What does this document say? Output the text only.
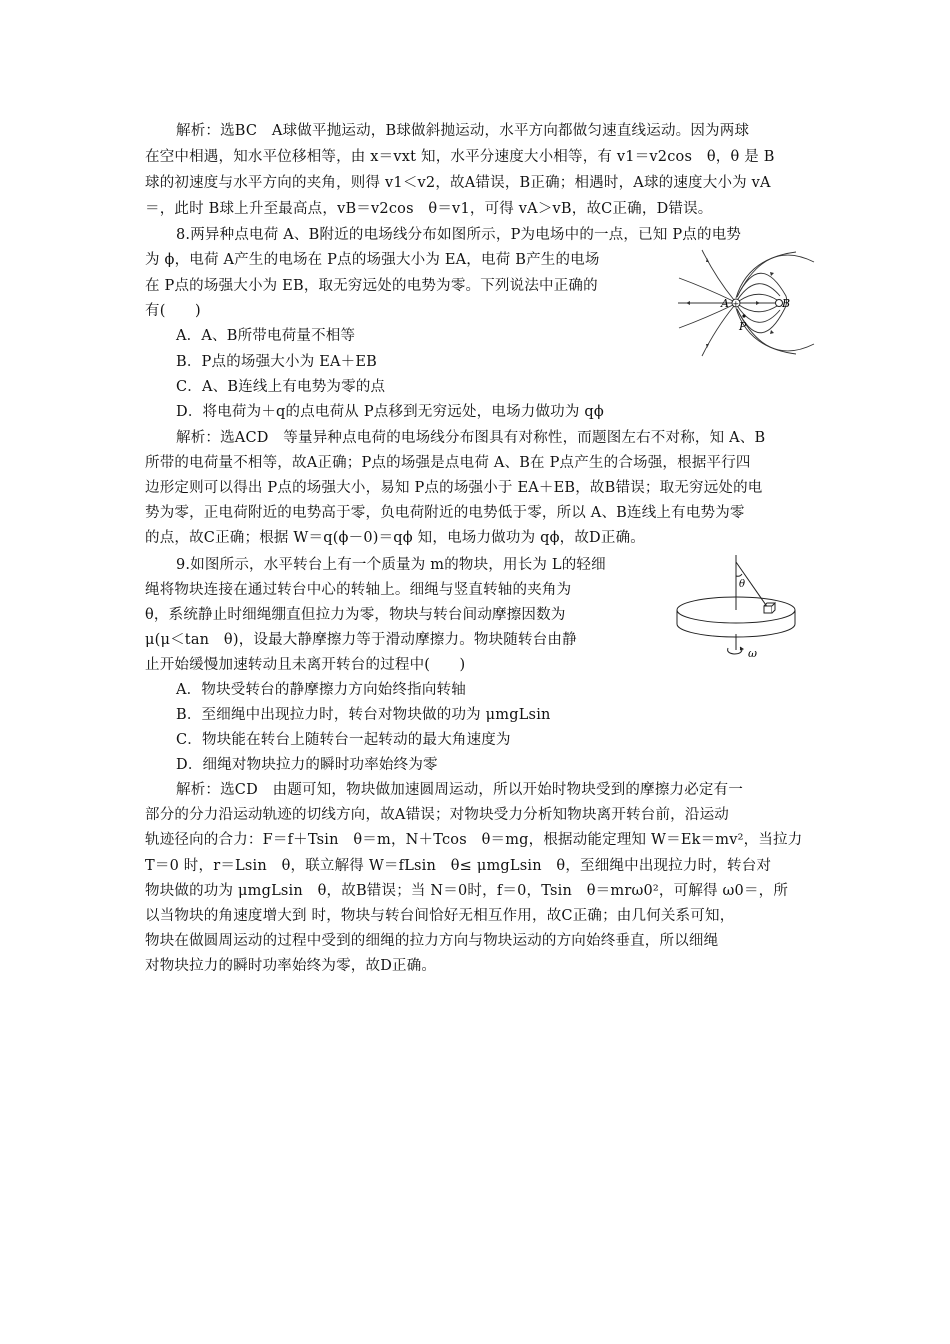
解析：选BC　A球做平抛运动，B球做斜抛运动，水平方向都做匀速直线运动。因为两球
在空中相遇，知水平位移相等，由 x＝vxt 知，水平分速度大小相等，有 v1＝v2cos　θ，θ 是 B
球的初速度与水平方向的夹角，则得 v1＜v2，故A错误，B正确；相遇时，A球的速度大小为 vA
＝，此时 B球上升至最高点，vB＝v2cos　θ＝v1，可得 vA＞vB，故C正确，D错误。
8.两异种点电荷 A、B附近的电场线分布如图所示，P为电场中的一点，已知 P点的电势
为 ϕ，电荷 A产生的电场在 P点的场强大小为 EA，电荷 B产生的电场
在 P点的场强大小为 EB，取无穷远处的电势为零。下列说法中正确的
有(　　)
A．A、B所带电荷量不相等
B．P点的场强大小为 EA＋EB
C．A、B连线上有电势为零的点
D．将电荷为＋q的点电荷从 P点移到无穷远处，电场力做功为 qϕ
解析：选ACD　等量异种点电荷的电场线分布图具有对称性，而题图左右不对称，知 A、B
所带的电荷量不相等，故A正确；P点的场强是点电荷 A、B在 P点产生的合场强，根据平行四
边形定则可以得出 P点的场强大小，易知 P点的场强小于 EA＋EB，故B错误；取无穷远处的电
势为零，正电荷附近的电势高于零，负电荷附近的电势低于零，所以 A、B连线上有电势为零
的点，故C正确；根据 W＝q(ϕ－0)＝qϕ 知，电场力做功为 qϕ，故D正确。
+
A	B
P
9.如图所示，水平转台上有一个质量为 m的物块，用长为 L的轻细
绳将物块连接在通过转台中心的转轴上。细绳与竖直转轴的夹角为
θ，系统静止时细绳绷直但拉力为零，物块与转台间动摩擦因数为
μ(μ＜tan　θ)，设最大静摩擦力等于滑动摩擦力。物块随转台由静
止开始缓慢加速转动且未离开转台的过程中(　　)
A．物块受转台的静摩擦力方向始终指向转轴
B．至细绳中出现拉力时，转台对物块做的功为 μmgLsin
C．物块能在转台上随转台一起转动的最大角速度为
D．细绳对物块拉力的瞬时功率始终为零
解析：选CD　由题可知，物块做加速圆周运动，所以开始时物块受到的摩擦力必定有一
部分的分力沿运动轨迹的切线方向，故A错误；对物块受力分析知物块离开转台前，沿运动
轨迹径向的合力：F＝f＋Tsin　θ＝m，N＋Tcos　θ＝mg，根据动能定理知 W＝Ek＝mv²，当拉力
T＝0 时，r＝Lsin　θ，联立解得 W＝fLsin　θ≤ μmgLsin　θ，至细绳中出现拉力时，转台对
物块做的功为 μmgLsin　θ，故B错误；当 N＝0时，f＝0，Tsin　θ＝mrω0²，可解得 ω0＝，所
以当物块的角速度增大到 时，物块与转台间恰好无相互作用，故C正确；由几何关系可知，
物块在做圆周运动的过程中受到的细绳的拉力方向与物块运动的方向始终垂直，所以细绳
对物块拉力的瞬时功率始终为零，故D正确。
θ
ω
